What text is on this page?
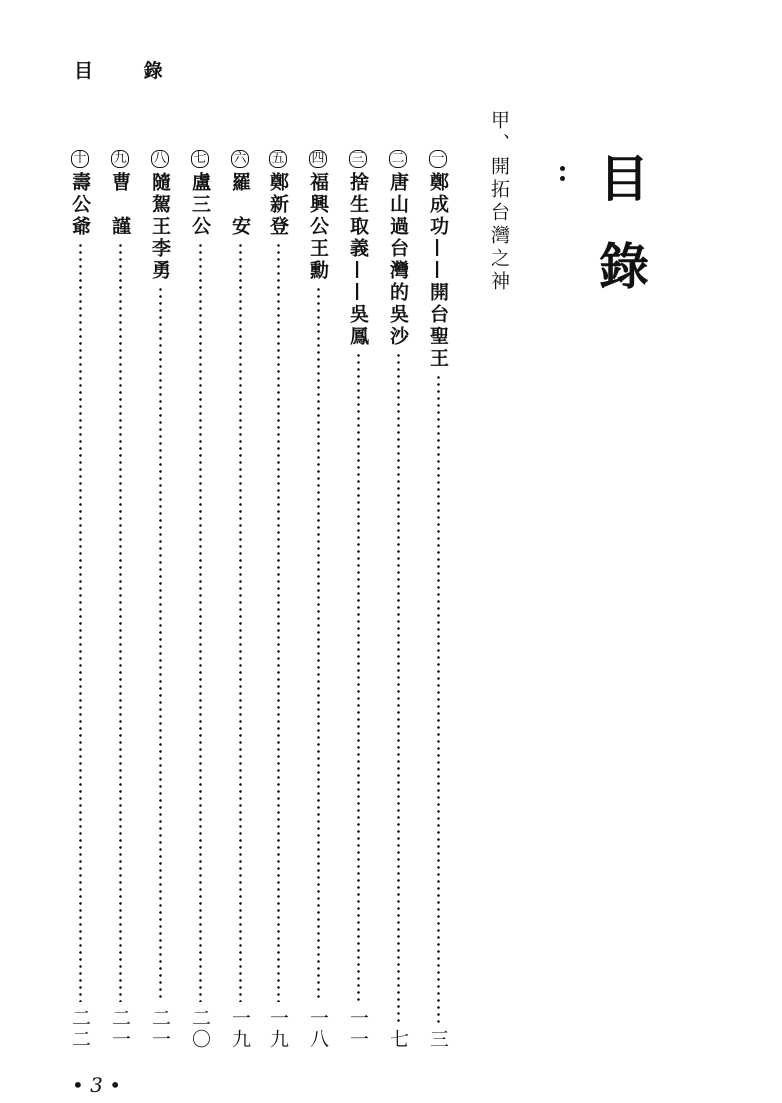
目 錄
目錄
甲、開拓台灣之神
一
鄭成功——開台聖王
三
二
唐山過台灣的吳沙
七
三
捨生取義——吳鳳
一一
四
福興公王勳
一八
五
鄭新登
一九
六
羅　安
一九
七
盧三公
二〇
八
隨駕王李勇
二一
九
曹　謹
二一
十
壽公爺
二二
• 3 •
